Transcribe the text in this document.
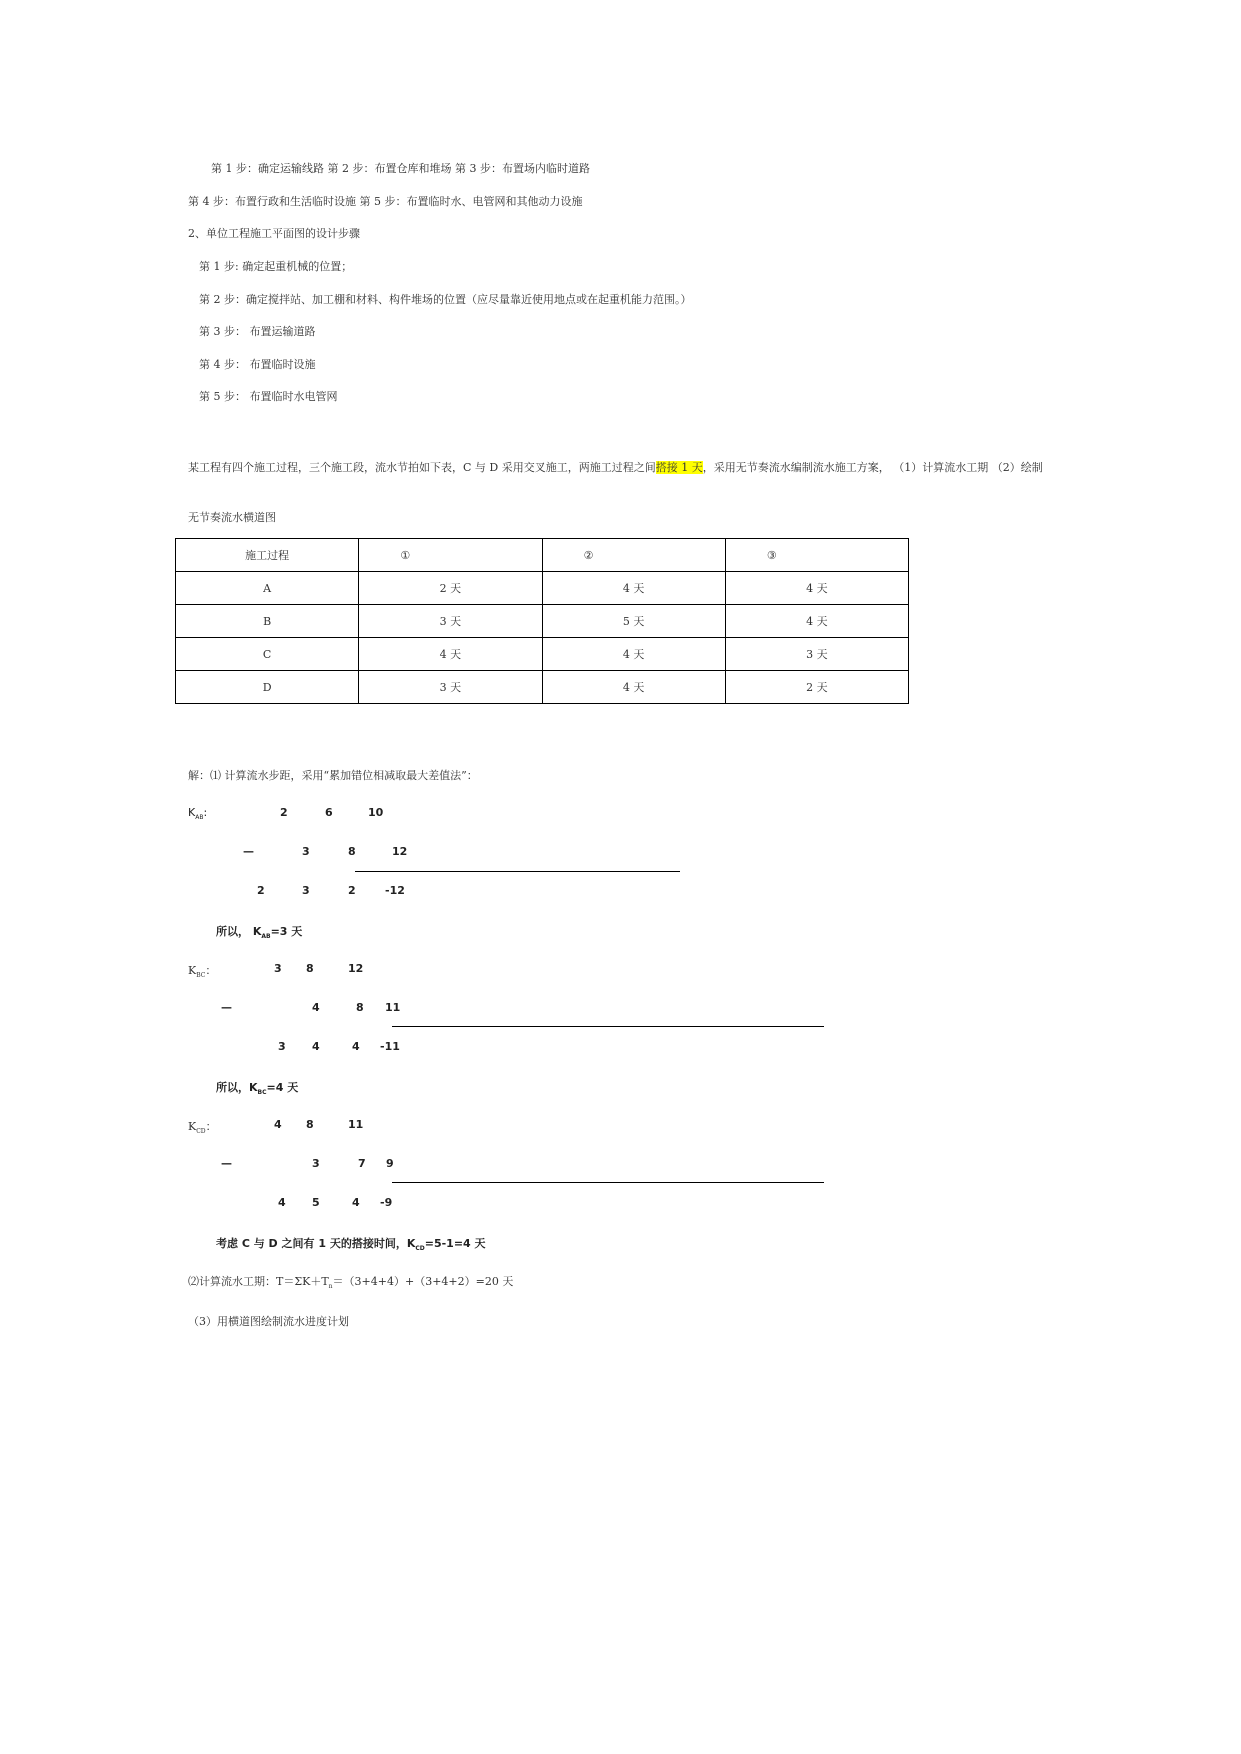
第 1 步：确定运输线路 第 2 步：布置仓库和堆场 第 3 步：布置场内临时道路
第 4 步：布置行政和生活临时设施 第 5 步：布置临时水、电管网和其他动力设施
2、单位工程施工平面图的设计步骤
第 1 步: 确定起重机械的位置；
第 2 步：确定搅拌站、加工棚和材料、构件堆场的位置（应尽量靠近使用地点或在起重机能力范围。）
第 3 步： 布置运输道路
第 4 步： 布置临时设施
第 5 步： 布置临时水电管网
某工程有四个施工过程，三个施工段，流水节拍如下表，C 与 D 采用交叉施工，两施工过程之间搭接 1 天，采用无节奏流水编制流水施工方案， （1）计算流水工期 （2）绘制
无节奏流水横道图
施工过程	①	②	③
A	2 天	4 天	4 天
B	3 天	5 天	4 天
C	4 天	4 天	3 天
D	3 天	4 天	2 天
解：⑴ 计算流水步距，采用“累加错位相减取最大差值法”：
$K_{AB}$:	2	6	10
—	3	8	12
2	3	2	-12
所以， $K_{AB}=3$ 天
$K_{BC}$：	3 8	12
—	4	8 11
3 4	4 -11
所以，$K_{BC}=4$ 天
$K_{CD}$：	4 8	11
—	3	7 9
4 5	4 -9
考虑 C 与 D 之间有 1 天的搭接时间，$K_{CD}=5-1=4$ 天
⑵计算流水工期：$T=\Sigma K+T_n=(3+4+4)+(3+4+2)=20$ 天
（3）用横道图绘制流水进度计划
